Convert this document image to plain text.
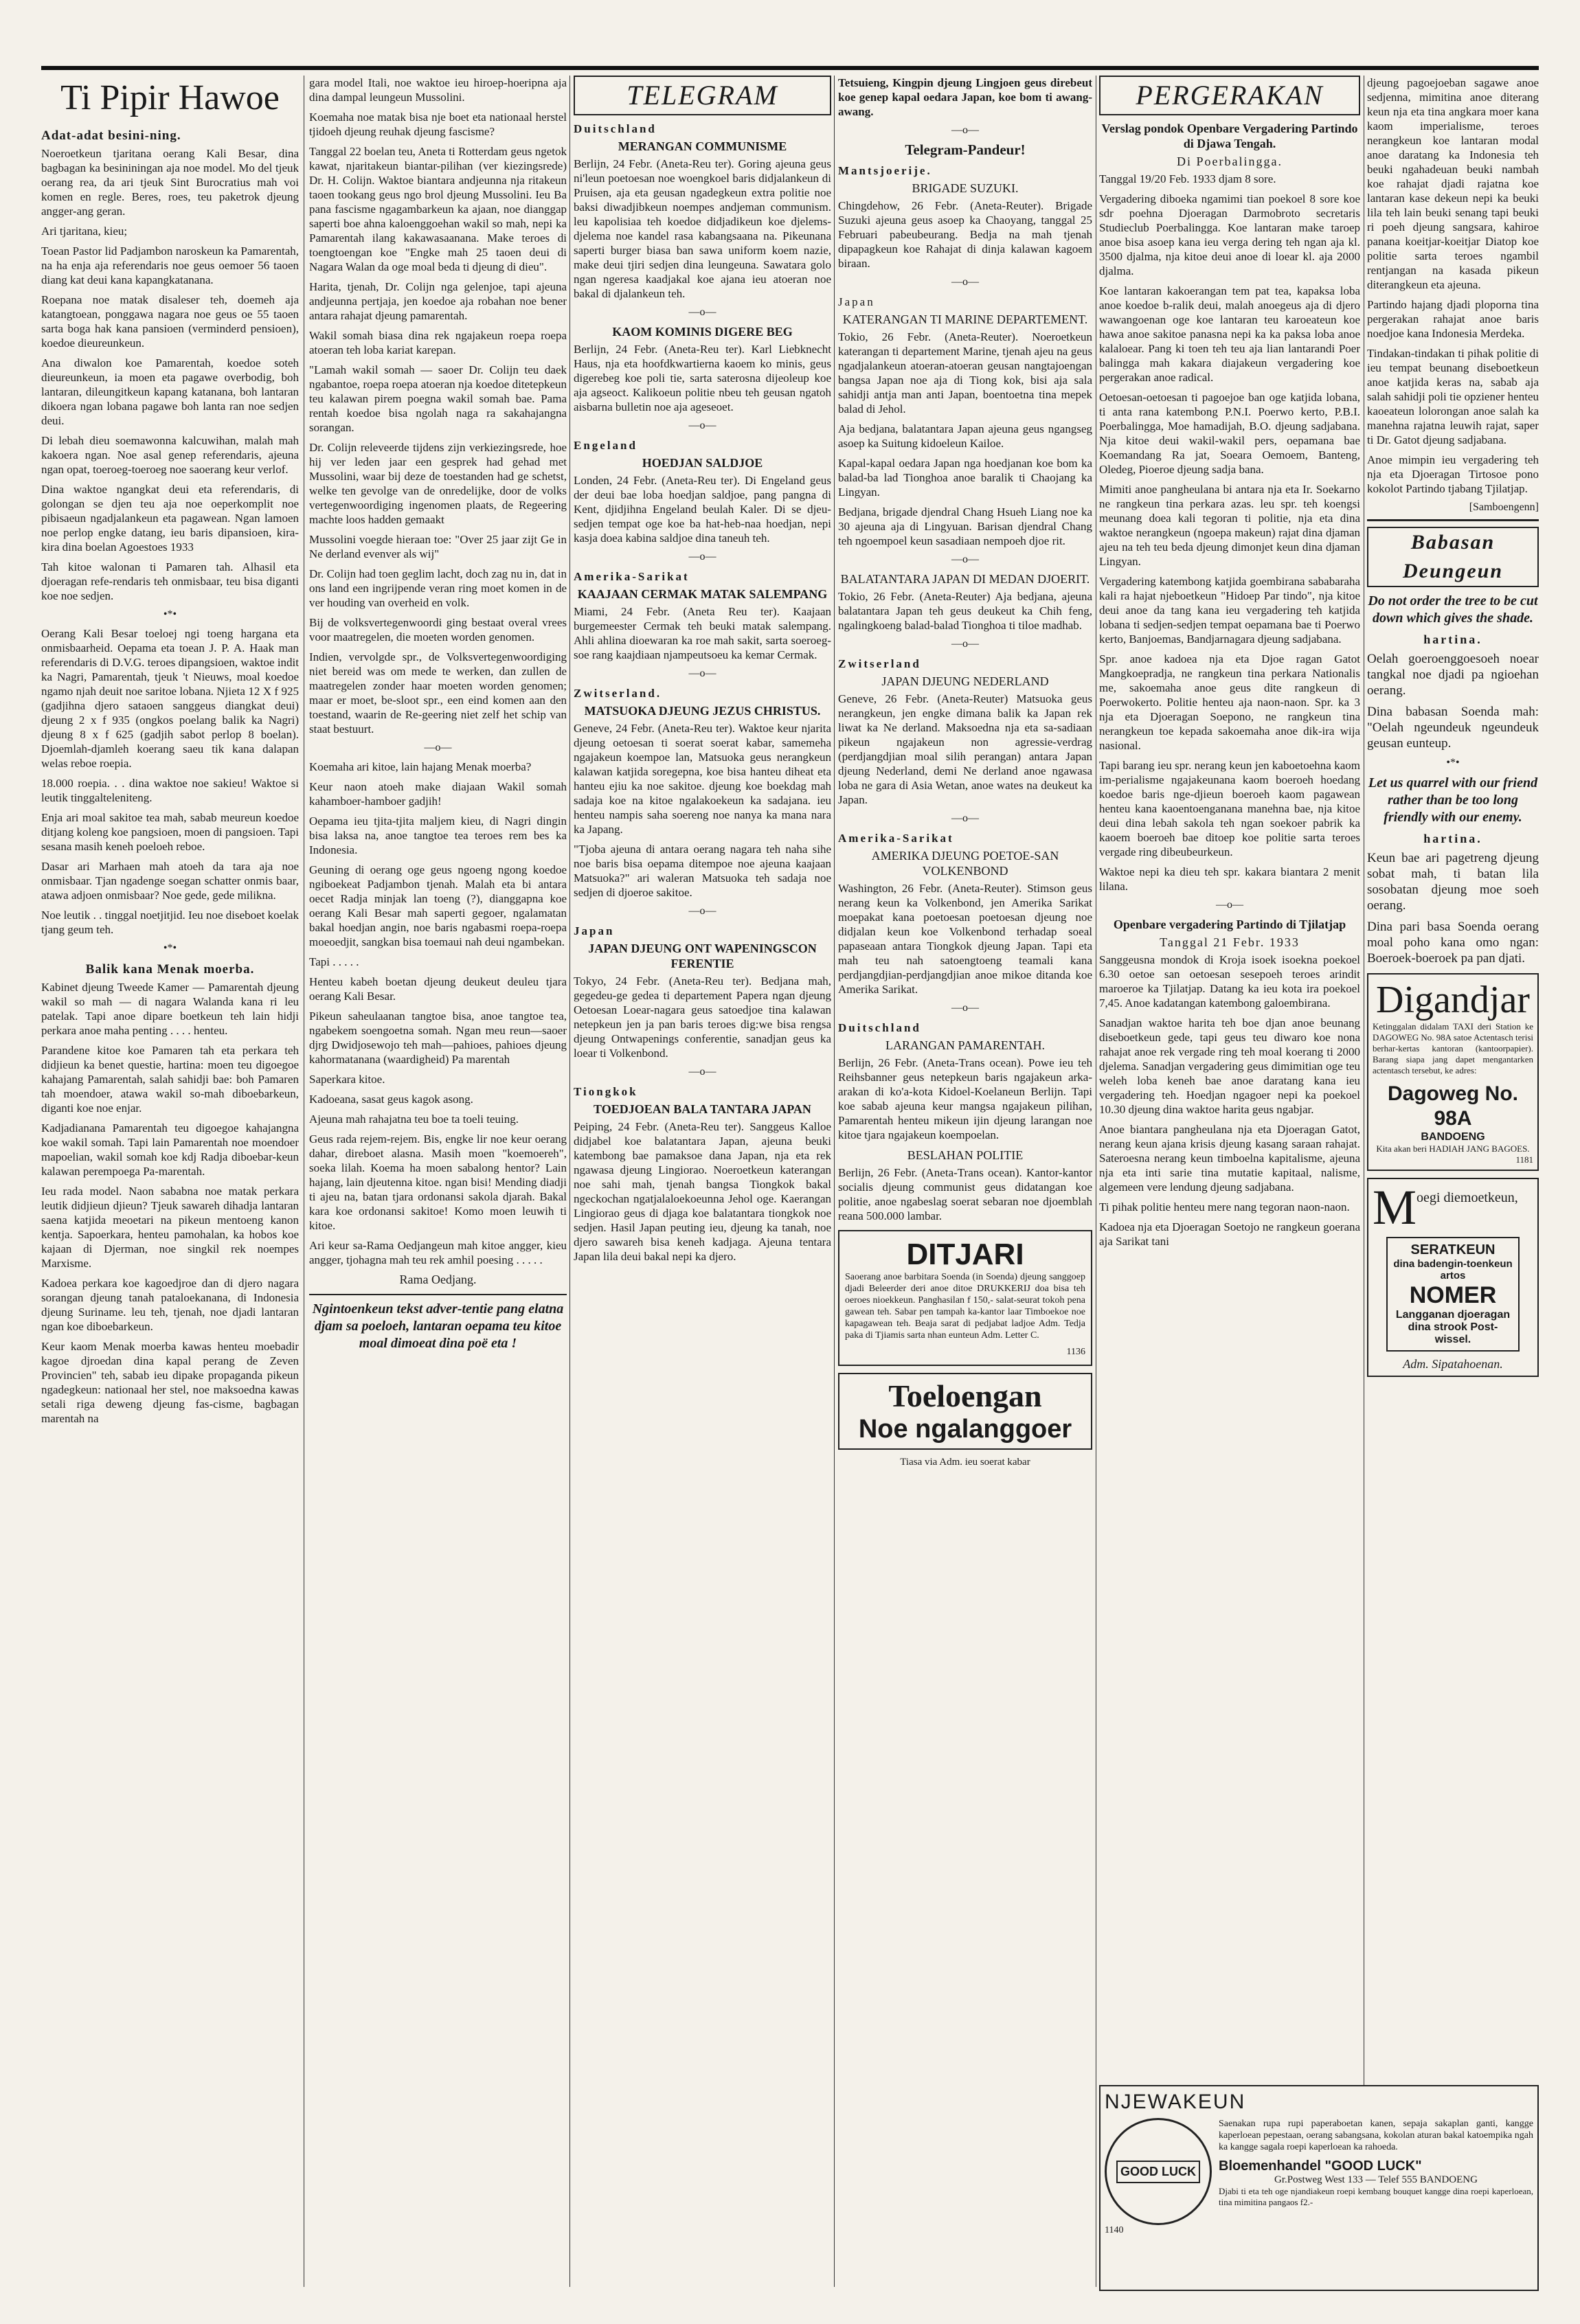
Ti Pipir Hawoe
Adat-adat besini-ning.

Noeroetkeun tjaritana oerang Kali Besar, dina bagbagan ka besininingan aja noe model. Mo del tjeuk oerang rea, da ari tjeuk Sint Burocratius mah voi komen en regle. Beres, roes, teu paketrok djeung angger-ang geran.

Ari tjaritana, kieu;

Toean Pastor lid Padjambon naroskeun ka Pamarentah, na ha enja aja referendaris noe geus oemoer 56 taoen diang kat deui kana kapangkatanana.

Roepana noe matak disaleser teh, doemeh aja katangtoean, ponggawa nagara noe geus oe 55 taoen sarta boga hak kana pansioen (verminderd pensioen), koedoe dieureunkeun.

Ana diwalon koe Pamarentah, koedoe soteh dieureunkeun, ia moen eta pagawe overbodig, boh lantaran, dileungitkeun kapang katanana, boh lantaran dikoera ngan lobana pagawe boh lanta ran noe sedjen deui.

Di lebah dieu soemawonna kalcuwihan, malah mah kakoera ngan. Noe asal genep referendaris, ajeuna ngan opat, toeroeg-toeroeg noe saoerang keur verlof.

Dina waktoe ngangkat deui eta referendaris, di golongan se djen teu aja noe oeperkomplit noe pibisaeun ngadjalankeun eta pagawean. Ngan lamoen noe perlop engke datang, ieu baris dipansioen, kira-kira dina boelan Agoestoes 1933

Tah kitoe walonan ti Pamaren tah. Alhasil eta djoeragan refe-rendaris teh onmisbaar, teu bisa diganti koe noe sedjen.

•*•

Oerang Kali Besar toeloej ngi toeng hargana eta onmisbaarheid. Oepama eta toean J. P. A. Haak man referendaris di D.V.G. teroes dipangsioen, waktoe indit ka Nagri, Pamarentah, tjeuk 't Nieuws, moal koedoe ngamo njah deuit noe saritoe lobana. Njieta 12 X f 925 (gadjihna djero sataoen sanggeus diangkat deui) djeung 2 x f 935 (ongkos poelang balik ka Nagri) djeung 8 x f 625 (gadjih sabot perlop 8 boelan). Djoemlah-djamleh koerang saeu tik kana dalapan welas reboe roepia.

18.000 roepia. . . dina waktoe noe sakieu! Waktoe si leutik tinggalteleniteng.

Enja ari moal sakitoe tea mah, sabab meureun koedoe ditjang koleng koe pangsioen, moen di pangsioen. Tapi sesana masih keneh poeloeh reboe.

Dasar ari Marhaen mah atoeh da tara aja noe onmisbaar. Tjan ngadenge soegan schatter onmis baar, atawa adjoen onmisbaar? Noe gede, gede milikna.

Noe leutik . . tinggal noetjitjid. Ieu noe diseboet koelak tjang geum teh.

•*•
Balik kana Menak moerba.

Kabinet djeung Tweede Kamer — Pamarentah djeung wakil so mah — di nagara Walanda kana ri leu patelak. Tapi anoe dipare boetkeun teh lain hidji perkara anoe maha penting . . . . henteu.

Parandene kitoe koe Pamaren tah eta perkara teh didjieun ka benet questie, hartina: moen teu digoegoe kahajang Pamarentah, salah sahidji bae: boh Pamaren tah moendoer, atawa wakil so-mah diboebarkeun, diganti koe noe enjar.

Kadjadianana Pamarentah teu digoegoe kahajangna koe wakil somah. Tapi lain Pamarentah noe moendoer mapoelian, wakil somah koe kdj Radja diboebar-keun kalawan perempoega Pa-marentah.

Ieu rada model. Naon sababna noe matak perkara leutik didjieun djieun? Tjeuk sawareh dihadja lantaran saena katjida meoetari na pikeun mentoeng kanon kentja. Sapoerkara, henteu pamohalan, ka hobos koe kajaan di Djerman, noe singkil rek noempes Marxisme.

Kadoea perkara koe kagoedjroe dan di djero nagara sorangan djeung tanah pataloekanana, di Indonesia djeung Suriname. leu teh, tjenah, noe djadi lantaran ngan koe diboebarkeun.

Keur kaom Menak moerba kawas henteu moebadir kagoe djroedan dina kapal perang de Zeven Provincien" teh, sabab ieu dipake propaganda pikeun ngadegkeun: nationaal her stel, noe maksoedna kawas setali riga deweng djeung fas-cisme, bagbagan marentah na

gara model Itali, noe waktoe ieu hiroep-hoeripna aja dina dampal leungeun Mussolini.

Koemaha noe matak bisa nje boet eta nationaal herstel tjidoeh djeung reuhak djeung fascisme?

Tanggal 22 boelan teu, Aneta ti Rotterdam geus ngetok kawat, njaritakeun biantar-pilihan (ver kiezingsrede) Dr. H. Colijn. Waktoe biantara andjeunna nja ritakeun taoen tookang geus ngo brol djeung Mussolini. Ieu Ba pana fascisme ngagambarkeun ka ajaan, noe dianggap saperti boe ahna kaloenggoehan wakil so mah, nepi ka Pamarentah ilang kakawasaanana. Make teroes di toengtoengan koe "Engke mah 25 taoen deui di Nagara Walan da oge moal beda ti djeung di dieu".

Harita, tjenah, Dr. Colijn nga gelenjoe, tapi ajeuna andjeunna pertjaja, jen koedoe aja robahan noe bener antara rahajat djeung pamarentah.

Wakil somah biasa dina rek ngajakeun roepa roepa atoeran teh loba kariat karepan.

"Lamah wakil somah — saoer Dr. Colijn teu daek ngabantoe, roepa roepa atoeran nja koedoe ditetepkeun teu kalawan pirem poegna wakil somah bae. Pama rentah koedoe bisa ngolah naga ra sakahajangna sorangan.

Dr. Colijn releveerde tijdens zijn verkiezingsrede, hoe hij ver leden jaar een gesprek had gehad met Mussolini, waar bij deze de toestanden had ge schetst, welke ten gevolge van de onredelijke, door de volks vertegenwoordiging ingenomen plaats, de Regeering machte loos hadden gemaakt

Mussolini voegde hieraan toe: "Over 25 jaar zijt Ge in Ne derland evenver als wij"

Dr. Colijn had toen geglim lacht, doch zag nu in, dat in ons land een ingrijpende veran ring moet komen in de ver houding van overheid en volk.

Bij de volksvertegenwoordi ging bestaat overal vrees voor maatregelen, die moeten worden genomen.

Indien, vervolgde spr., de Volksvertegenwoordiging niet bereid was om mede te werken, dan zullen de maatregelen zonder haar moeten worden genomen; maar er moet, be-sloot spr., een eind komen aan den toestand, waarin de Re-geering niet zelf het schip van staat bestuurt.

—o—

Koemaha ari kitoe, lain hajang Menak moerba?

Keur naon atoeh make diajaan Wakil somah kahamboer-hamboer gadjih!

Oepama ieu tjita-tjita maljem kieu, di Nagri dingin bisa laksa na, anoe tangtoe tea teroes rem bes ka Indonesia.

Geuning di oerang oge geus ngoeng ngong koedoe ngiboekeat Padjambon tjenah. Malah eta bi antara oecet Radja minjak lan toeng (?), dianggapna koe oerang Kali Besar mah saperti gegoer, ngalamatan bakal hoedjan angin, noe baris ngabasmi roepa-roepa moeoedjit, sangkan bisa toemaui nah deui ngambekan.

Tapi . . . . .

Henteu kabeh boetan djeung deukeut deuleu tjara oerang Kali Besar.

Pikeun saheulaanan tangtoe bisa, anoe tangtoe tea, ngabekem soengoetna somah. Ngan meu reun—saoer djrg Dwidjosewojo teh mah—pahioes, pahioes djeung kahormatanana (waardigheid) Pa marentah

Saperkara kitoe.

Kadoeana, sasat geus kagok asong.

Ajeuna mah rahajatna teu boe ta toeli teuing.

Geus rada rejem-rejem. Bis, engke lir noe keur oerang dahar, direboet alasna. Masih moen "koemoereh", soeka lilah. Koema ha moen sabalong hentor? Lain hajang, lain djeutenna kitoe. ngan bisi! Mending diadji ti ajeu na, batan tjara ordonansi sakola djarah. Bakal kara koe ordonansi sakitoe! Komo moen leuwih ti kitoe.

Ari keur sa-Rama Oedjangeun mah kitoe angger, kieu angger, tjohagna mah teu rek amhil poesing . . . . .

Rama Oedjang.
Ngintoenkeun tekst adver-tentie pang elatna djam sa poeloeh, lantaran oepama teu kitoe moal dimoeat dina poë eta !
TELEGRAM
Duitschland
MERANGAN COMMUNISME

Berlijn, 24 Febr. (Aneta-Reu ter). Goring ajeuna geus ni'leun poetoesan noe woengkoel baris didjalankeun di Pruisen, aja eta geusan ngadegkeun extra politie noe baksi diwadjibkeun noempes andjeman communism. leu kapolisiaa teh koedoe didjadikeun koe djelems-djelema noe kandel rasa kabangsaana na. Pikeunana saperti burger biasa ban sawa uniform koem nazie, make deui tjiri sedjen dina leungeuna. Sawatara golo ngan ngeresa kaadjakal koe ajana ieu atoeran noe bakal di djalankeun teh.

—o—
KAOM KOMINIS DIGERE BEG

Berlijn, 24 Febr. (Aneta-Reu ter). Karl Liebknecht Haus, nja eta hoofdkwartierna kaoem ko minis, geus digerebeg koe poli tie, sarta saterosna dijeoleup koe aja agseoct. Kalikoeun politie nbeu teh geusan ngatoh aisbarna bulletin noe aja ageseoet.

—o—
Engeland
HOEDJAN SALDJOE

Londen, 24 Febr. (Aneta-Reu ter). Di Engeland geus der deui bae loba hoedjan saldjoe, pang pangna di Kent, djidjihna Engeland beulah Kaler. Di se djeu-sedjen tempat oge koe ba hat-heb-naa hoedjan, nepi kasja doea kabina saldjoe dina taneuh teh.

—o—
Amerika-Sarikat
KAAJAAN CERMAK MATAK SALEMPANG

Miami, 24 Febr. (Aneta Reu ter). Kaajaan burgemeester Cermak teh beuki matak salempang. Ahli ahlina dioewaran ka roe mah sakit, sarta soeroeg-soe rang kaajdiaan njampeutsoeu ka kemar Cermak.

—o—
Zwitserland.
MATSUOKA DJEUNG JEZUS CHRISTUS.

Geneve, 24 Febr. (Aneta-Reu ter). Waktoe keur njarita djeung oetoesan ti soerat soerat kabar, samemeha ngajakeun koempoe lan, Matsuoka geus nerangkeun kalawan katjida soregepna, koe bisa hanteu diheat eta hanteu ejiu ka noe sakitoe. djeung koe boekdag mah sadaja koe na kitoe ngalakoekeun ka sadajana. ieu henteu nampis saha soereng noe nanya ka mana nara ka Japang.

"Tjoba ajeuna di antara oerang nagara teh naha sihe noe baris bisa oepama ditempoe noe ajeuna kaajaan Matsuoka?" ari waleran Matsuoka teh sadaja noe sedjen di djoeroe sakitoe.

—o—
Japan
JAPAN DJEUNG ONT WAPENINGSCON FERENTIE

Tokyo, 24 Febr. (Aneta-Reu ter). Bedjana mah, gegedeu-ge gedea ti departement Papera ngan djeung Oetoesan Loear-nagara geus satoedjoe tina kalawan netepkeun jen ja pan baris teroes dig:we bisa rengsa djeung Ontwapenings conferentie, sanadjan geus ka loear ti Volkenbond.

—o—
Tiongkok
TOEDJOEAN BALA TANTARA JAPAN

Peiping, 24 Febr. (Aneta-Reu ter). Sanggeus Kalloe didjabel koe balatantara Japan, ajeuna beuki katembong bae pamaksoe dana Japan, nja eta rek ngawasa djeung Lingiorao. Noeroetkeun katerangan noe sahi mah, tjenah bangsa Tiongkok bakal ngeckochan ngatjalaloekoeunna Jehol oge. Kaerangan Lingiorao geus di djaga koe balatantara tiongkok noe sedjen. Hasil Japan peuting ieu, djeung ka tanah, noe djero sawareh bisa keneh kadjaga. Ajeuna tentara Japan lila deui bakal nepi ka djero.

Tetsuieng, Kingpin djeung Lingjoen geus direbeut koe genep kapal oedara Japan, koe bom ti awang-awang.

—o—
Telegram-Pandeur!
Mantsjoerije.
BRIGADE SUZUKI.

Chingdehow, 26 Febr. (Aneta-Reuter). Brigade Suzuki ajeuna geus asoep ka Chaoyang, tanggal 25 Februari pabeubeurang. Bedja na mah tjenah dipapagkeun koe Rahajat di dinja kalawan kagoem biraan.

—o—
Japan
KATERANGAN TI MARINE DEPARTEMENT.

Tokio, 26 Febr. (Aneta-Reuter). Noeroetkeun katerangan ti departement Marine, tjenah ajeu na geus ngadjalankeun atoeran-atoeran geusan nangtajoengan bangsa Japan noe aja di Tiong kok, bisi aja sala sahidji antja man anti Japan, boentoetna tina mepek balad di Jehol.

Aja bedjana, balatantara Japan ajeuna geus ngangseg asoep ka Suitung kidoeleun Kailoe.

Kapal-kapal oedara Japan nga hoedjanan koe bom ka balad-ba lad Tionghoa anoe baralik ti Chaojang ka Lingyan.

Bedjana, brigade djendral Chang Hsueh Liang noe ka 30 ajeuna aja di Lingyuan. Barisan djendral Chang teh ngoempoel keun sasadiaan nempoeh djoe rit.

—o—
BALATANTARA JAPAN DI MEDAN DJOERIT.

Tokio, 26 Febr. (Aneta-Reuter) Aja bedjana, ajeuna balatantara Japan teh geus deukeut ka Chih feng, ngalingkoeng balad-balad Tionghoa ti tiloe madhab.

—o—
Zwitserland
JAPAN DJEUNG NEDERLAND

Geneve, 26 Febr. (Aneta-Reuter) Matsuoka geus nerangkeun, jen engke dimana balik ka Japan rek liwat ka Ne derland. Maksoedna nja eta sa-sadiaan pikeun ngajakeun non agressie-verdrag (perdjangdjian moal silih perangan) antara Japan djeung Nederland, demi Ne derland anoe ngawasa loba ne gara di Asia Wetan, anoe wates na deukeut ka Japan.

—o—
Amerika-Sarikat
AMERIKA DJEUNG POETOE-SAN VOLKENBOND

Washington, 26 Febr. (Aneta-Reuter). Stimson geus nerang keun ka Volkenbond, jen Amerika Sarikat moepakat kana poetoesan poetoesan djeung noe didjalan keun koe Volkenbond terhadap soeal papaseaan antara Tiongkok djeung Japan. Tapi eta mah teu nah satoengtoeng teamali kana perdjangdjian-perdjangdjian anoe mikoe ditanda koe Amerika Sarikat.

—o—
Duitschland
LARANGAN PAMARENTAH.

Berlijn, 26 Febr. (Aneta-Trans ocean). Powe ieu teh Reihsbanner geus netepkeun baris ngajakeun arka-arakan di ko'a-kota Kidoel-Koelaneun Berlijn. Tapi koe sabab ajeuna keur mangsa ngajakeun pilihan, Pamarentah henteu mikeun ijin djeung larangan noe kitoe tjara ngajakeun koempoelan.

BESLAHAN POLITIE

Berlijn, 26 Febr. (Aneta-Trans ocean). Kantor-kantor socialis djeung communist geus didatangan koe politie, anoe ngabeslag soerat sebaran noe djoemblah reana 500.000 lambar.

DITJARI

Saoerang anoe barbitara Soenda (in Soenda) djeung sanggoep djadi Beleerder deri anoe ditoe DRUKKERIJ doa bisa teh oeroes nioekkeun. Panghasilan f 150,- salat-seurat tokoh pena gawean teh. Sabar pen tampah ka-kantor laar Timboekoe noe kapagawean teh. Beaja sarat di pedjabat ladjoe Adm. Tedja paka di Tjiamis sarta nhan eunteun Adm. Letter C.

1136
Toeloengan
Noe ngalanggoer
Tiasa via Adm. ieu soerat kabar
PERGERAKAN
Verslag pondok Openbare Vergadering Partindo di Djawa Tengah.
Di Poerbalingga.

Tanggal 19/20 Feb. 1933 djam 8 sore.

Vergadering diboeka ngamimi tian poekoel 8 sore koe sdr poehna Djoeragan Darmobroto secretaris Studieclub Poerbalingga. Koe lantaran make taroep anoe bisa asoep kana ieu verga dering teh ngan aja kl. 3500 djalma, nja kitoe deui anoe di loear kl. aja 2000 djalma.

Koe lantaran kakoerangan tem pat tea, kapaksa loba anoe koedoe b-ralik deui, malah anoegeus aja di djero wawangoenan oge koe lantaran teu karoeateun koe hawa anoe sakitoe panasna nepi ka ka paksa loba anoe kalaloear. Pang ki toen teh teu aja lian lantarandi Poer balingga mah kakara diajakeun vergadering koe pergerakan anoe radical.

Oetoesan-oetoesan ti pagoejoe ban oge katjida lobana, ti anta rana katembong P.N.I. Poerwo kerto, P.B.I. Poerbalingga, Moe hamadijah, B.O. djeung sadjabana. Nja kitoe deui wakil-wakil pers, oepamana bae Koemandang Ra jat, Soeara Oemoem, Banteng, Oledeg, Pioeroe djeung sadja bana.

Mimiti anoe pangheulana bi antara nja eta Ir. Soekarno ne rangkeun tina perkara azas. leu spr. teh koengsi meunang doea kali tegoran ti politie, nja eta dina waktoe nerangkeun (ngoepa makeun) rajat dina djaman ajeu na teh teu beda djeung dimonjet keun dina djaman Lingyan.

Vergadering katembong katjida goembirana sababaraha kali ra hajat njeboetkeun "Hidoep Par tindo", nja kitoe deui anoe da tang kana ieu vergadering teh katjida lobana ti sedjen-sedjen tempat oepamana bae ti Poerwo kerto, Banjoemas, Bandjarnagara djeung sadjabana.

Spr. anoe kadoea nja eta Djoe ragan Gatot Mangkoepradja, ne rangkeun tina perkara Nationalis me, sakoemaha anoe geus dite rangkeun di Poerwokerto. Politie henteu aja naon-naon. Spr. ka 3 nja eta Djoeragan Soepono, ne rangkeun tina nerangkeun toe kepada sakoemaha anoe dik-ira wija nasional.

Tapi barang ieu spr. nerang keun jen kaboetoehna kaom im-perialisme ngajakeunana kaom boeroeh hoedang koedoe baris nge-djieun boeroeh kaom pagawean henteu kana kaoentoenganana manehna bae, nja kitoe deui dina lebah sakola teh ngan soekoer pabrik ka kaoem boeroeh bae ditoep koe politie sarta teroes vergade ring dibeubeurkeun.

Waktoe nepi ka dieu teh spr. kakara biantara 2 menit lilana.

—o—
Openbare vergadering Partindo di Tjilatjap
Tanggal 21 Febr. 1933

Sanggeusna mondok di Kroja isoek isoekna poekoel 6.30 oetoe san oetoesan sesepoeh teroes arindit maroeroe ka Tjilatjap. Datang ka ieu kota ira poekoel 7,45. Anoe kadatangan katembong galoembirana.

Sanadjan waktoe harita teh boe djan anoe beunang diseboetkeun gede, tapi geus teu diwaro koe nona rahajat anoe rek vergade ring teh moal koerang ti 2000 djelema. Sanadjan vergadering geus dimimitian oge teu weleh loba keneh bae anoe daratang kana ieu vergadering teh. Hoedjan ngagoer nepi ka poekoel 10.30 djeung dina waktoe harita geus ngabjar.

Anoe biantara pangheulana nja eta Djoeragan Gatot, nerang keun ajana krisis djeung kasang saraan rahajat. Sateroesna nerang keun timboelna kapitalisme, ajeuna nja eta inti sarie tina mutatie kapitaal, nalisme, algemeen vere lendung djeung sadjabana.

Ti pihak politie henteu mere nang tegoran naon-naon.

Kadoea nja eta Djoeragan Soetojo ne rangkeun goerana aja Sarikat tani

djeung pagoejoeban sagawe anoe sedjenna, mimitina anoe diterang keun nja eta tina angkara moer kana kaom imperialisme, teroes nerangkeun koe lantaran modal anoe daratang ka Indonesia teh beuki ngahadeuan beuki nambah koe rahajat djadi rajatna koe lantaran kase dekeun nepi ka beuki lila teh lain beuki senang tapi beuki ri poeh djeung sangsara, kahiroe panana koeitjar-koeitjar Diatop koe politie sarta teroes ngambil rentjangan na kasada pikeun diterangkeun eta ajeuna.

Partindo hajang djadi ploporna tina pergerakan rahajat anoe baris noedjoe kana Indonesia Merdeka.

Tindakan-tindakan ti pihak politie di ieu tempat beunang diseboetkeun anoe katjida keras na, sabab aja salah sahidji poli tie opziener henteu kaoeateun lolorongan anoe salah ka manehna rajatna leuwih rajat, saper ti Dr. Gatot djeung sadjabana.

Anoe mimpin ieu vergadering teh nja eta Djoeragan Tirtosoe pono kokolot Partindo tjabang Tjilatjap.

[Samboengenn]
Babasan Deungeun
Do not order the tree to be cut down which gives the shade.
hartina.

Oelah goeroenggoesoeh noear tangkal noe djadi pa ngioehan oerang.

Dina babasan Soenda mah: "Oelah ngeundeuk ngeundeuk geusan eunteup.

•*•
Let us quarrel with our friend rather than be too long friendly with our enemy.
hartina.

Keun bae ari pagetreng djeung sobat mah, ti batan lila sosobatan djeung moe soeh oerang.

Dina pari basa Soenda oerang moal poho kana omo ngan: Boeroek-boeroek pa pan djati.

Digandjar

Ketinggalan didalam TAXI deri Station ke DAGOWEG No. 98A satoe Actentasch terisi berhar-kertas kantoran (kantoorpapier). Barang siapa jang dapet mengantarken actentasch tersebut, ke adres:

Dagoweg No. 98A
BANDOENG
Kita akan beri HADIAH JANG BAGOES.
1181
M oegi diemoetkeun,
SERATKEUN
dina badengin-toenkeun artos
NOMER
Langganan djoeragan dina strook Post-wissel.
Adm. Sipatahoenan.
NJEWAKEUN
GOOD LUCK

Saenakan rupa rupi paperaboetan kanen, sepaja sakaplan ganti, kangge kaperloean pepestaan, oerang sabangsana, kokolan aturan bakal katoempika ngah ka kangge sagala roepi kaperloean ka rahoeda.

Bloemenhandel "GOOD LUCK"
Gr.Postweg West 133 — Telef 555 BANDOENG

Djabi ti eta teh oge njandiakeun roepi kembang bouquet kangge dina roepi kaperloean, tina mimitina pangaos f2.-

1140
